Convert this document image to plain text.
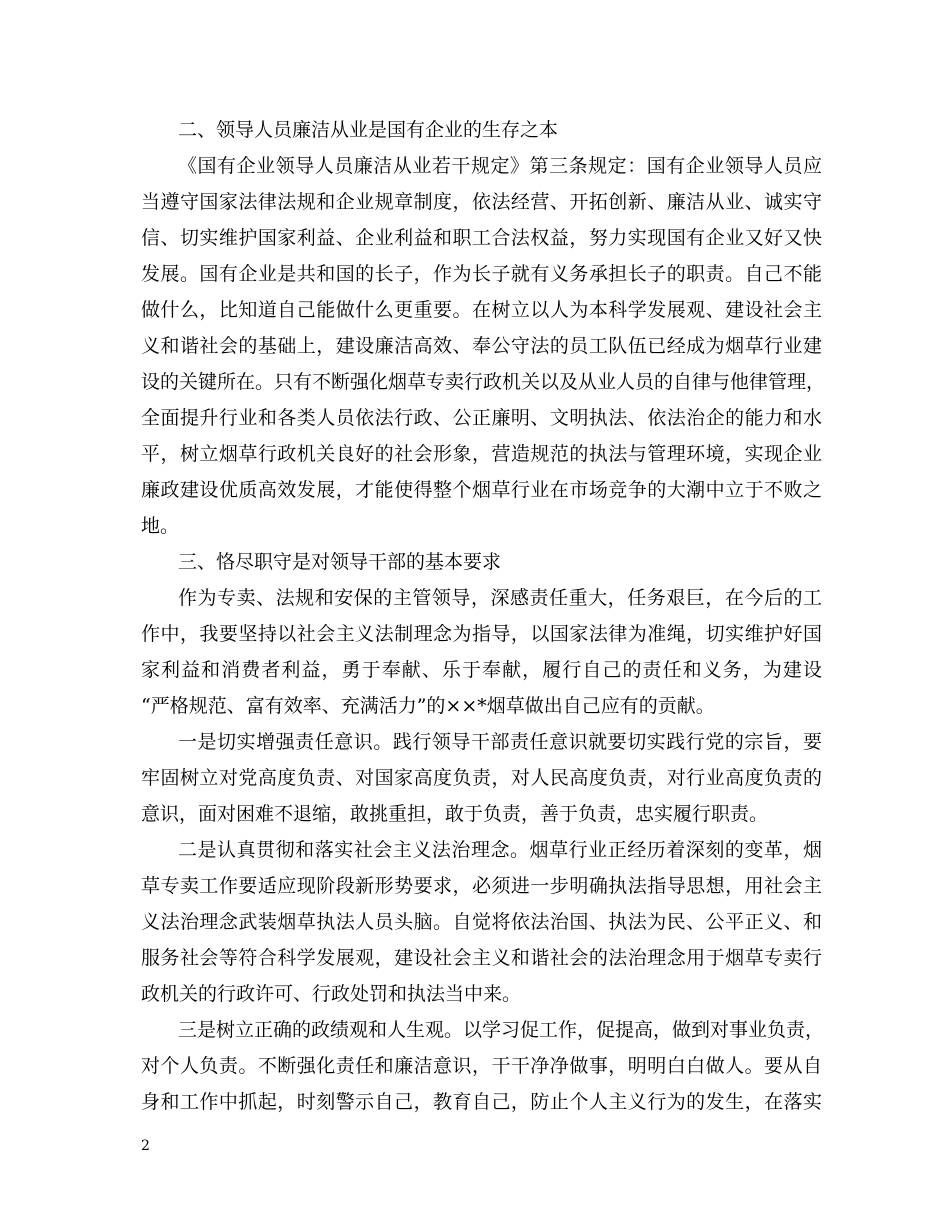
二、领导人员廉洁从业是国有企业的生存之本
《国有企业领导人员廉洁从业若干规定》第三条规定：国有企业领导人员应
当遵守国家法律法规和企业规章制度，依法经营、开拓创新、廉洁从业、诚实守
信、切实维护国家利益、企业利益和职工合法权益，努力实现国有企业又好又快
发展。国有企业是共和国的长子，作为长子就有义务承担长子的职责。自己不能
做什么，比知道自己能做什么更重要。在树立以人为本科学发展观、建设社会主
义和谐社会的基础上，建设廉洁高效、奉公守法的员工队伍已经成为烟草行业建
设的关键所在。只有不断强化烟草专卖行政机关以及从业人员的自律与他律管理，
全面提升行业和各类人员依法行政、公正廉明、文明执法、依法治企的能力和水
平，树立烟草行政机关良好的社会形象，营造规范的执法与管理环境，实现企业
廉政建设优质高效发展，才能使得整个烟草行业在市场竞争的大潮中立于不败之
地。
三、恪尽职守是对领导干部的基本要求
作为专卖、法规和安保的主管领导，深感责任重大，任务艰巨，在今后的工
作中，我要坚持以社会主义法制理念为指导，以国家法律为准绳，切实维护好国
家利益和消费者利益，勇于奉献、乐于奉献，履行自己的责任和义务，为建设
“严格规范、富有效率、充满活力”的××*烟草做出自己应有的贡献。
一是切实增强责任意识。践行领导干部责任意识就要切实践行党的宗旨，要
牢固树立对党高度负责、对国家高度负责，对人民高度负责，对行业高度负责的
意识，面对困难不退缩，敢挑重担，敢于负责，善于负责，忠实履行职责。
二是认真贯彻和落实社会主义法治理念。烟草行业正经历着深刻的变革，烟
草专卖工作要适应现阶段新形势要求，必须进一步明确执法指导思想，用社会主
义法治理念武装烟草执法人员头脑。自觉将依法治国、执法为民、公平正义、和
服务社会等符合科学发展观，建设社会主义和谐社会的法治理念用于烟草专卖行
政机关的行政许可、行政处罚和执法当中来。
三是树立正确的政绩观和人生观。以学习促工作，促提高，做到对事业负责，
对个人负责。不断强化责任和廉洁意识，干干净净做事，明明白白做人。要从自
身和工作中抓起，时刻警示自己，教育自己，防止个人主义行为的发生，在落实
2
